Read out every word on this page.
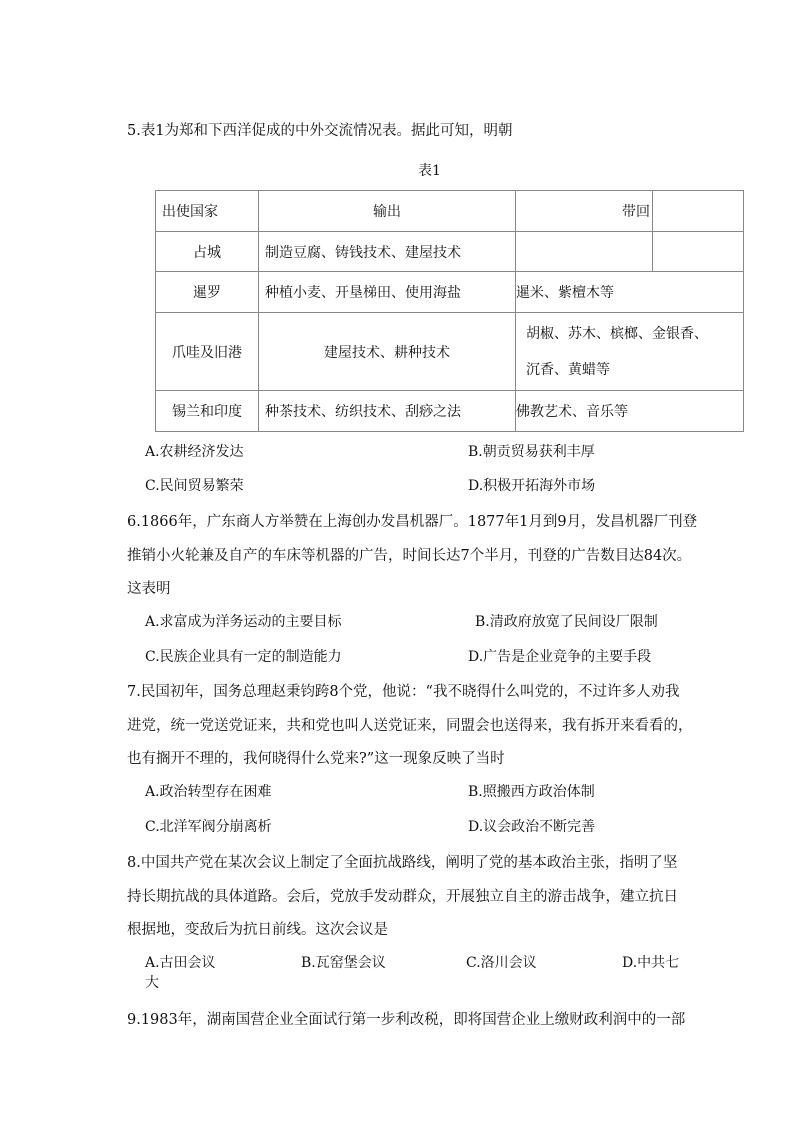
5.表1为郑和下西洋促成的中外交流情况表。据此可知，明朝
表1
出使国家	输出	带回	
占城	制造豆腐、铸钱技术、建屋技术		
暹罗	种植小麦、开垦梯田、使用海盐	暹米、紫檀木等	
爪哇及旧港	建屋技术、耕种技术	胡椒、苏木、槟榔、金银香、
沉香、黄蜡等	

锡兰和印度	种茶技术、纺织技术、刮痧之法	佛教艺术、音乐等	
A.农耕经济发达	B.朝贡贸易获利丰厚
C.民间贸易繁荣	D.积极开拓海外市场
6.1866年，广东商人方举赞在上海创办发昌机器厂。1877年1月到9月，发昌机器厂刊登
推销小火轮兼及自产的车床等机器的广告，时间长达7个半月，刊登的广告数目达84次。
这表明
A.求富成为洋务运动的主要目标	B.清政府放宽了民间设厂限制
C.民族企业具有一定的制造能力	D.广告是企业竞争的主要手段
7.民国初年，国务总理赵秉钧跨8个党，他说：“我不晓得什么叫党的，不过许多人劝我
进党，统一党送党证来，共和党也叫人送党证来，同盟会也送得来，我有拆开来看看的，
也有搁开不理的，我何晓得什么党来?”这一现象反映了当时
A.政治转型存在困难	B.照搬西方政治体制
C.北洋军阀分崩离析	D.议会政治不断完善
8.中国共产党在某次会议上制定了全面抗战路线，阐明了党的基本政治主张，指明了坚
持长期抗战的具体道路。会后，党放手发动群众，开展独立自主的游击战争，建立抗日
根据地，变敌后为抗日前线。这次会议是
A.古田会议	B.瓦窑堡会议	C.洛川会议	D.中共七
大
9.1983年，湖南国营企业全面试行第一步利改税，即将国营企业上缴财政利润中的一部
